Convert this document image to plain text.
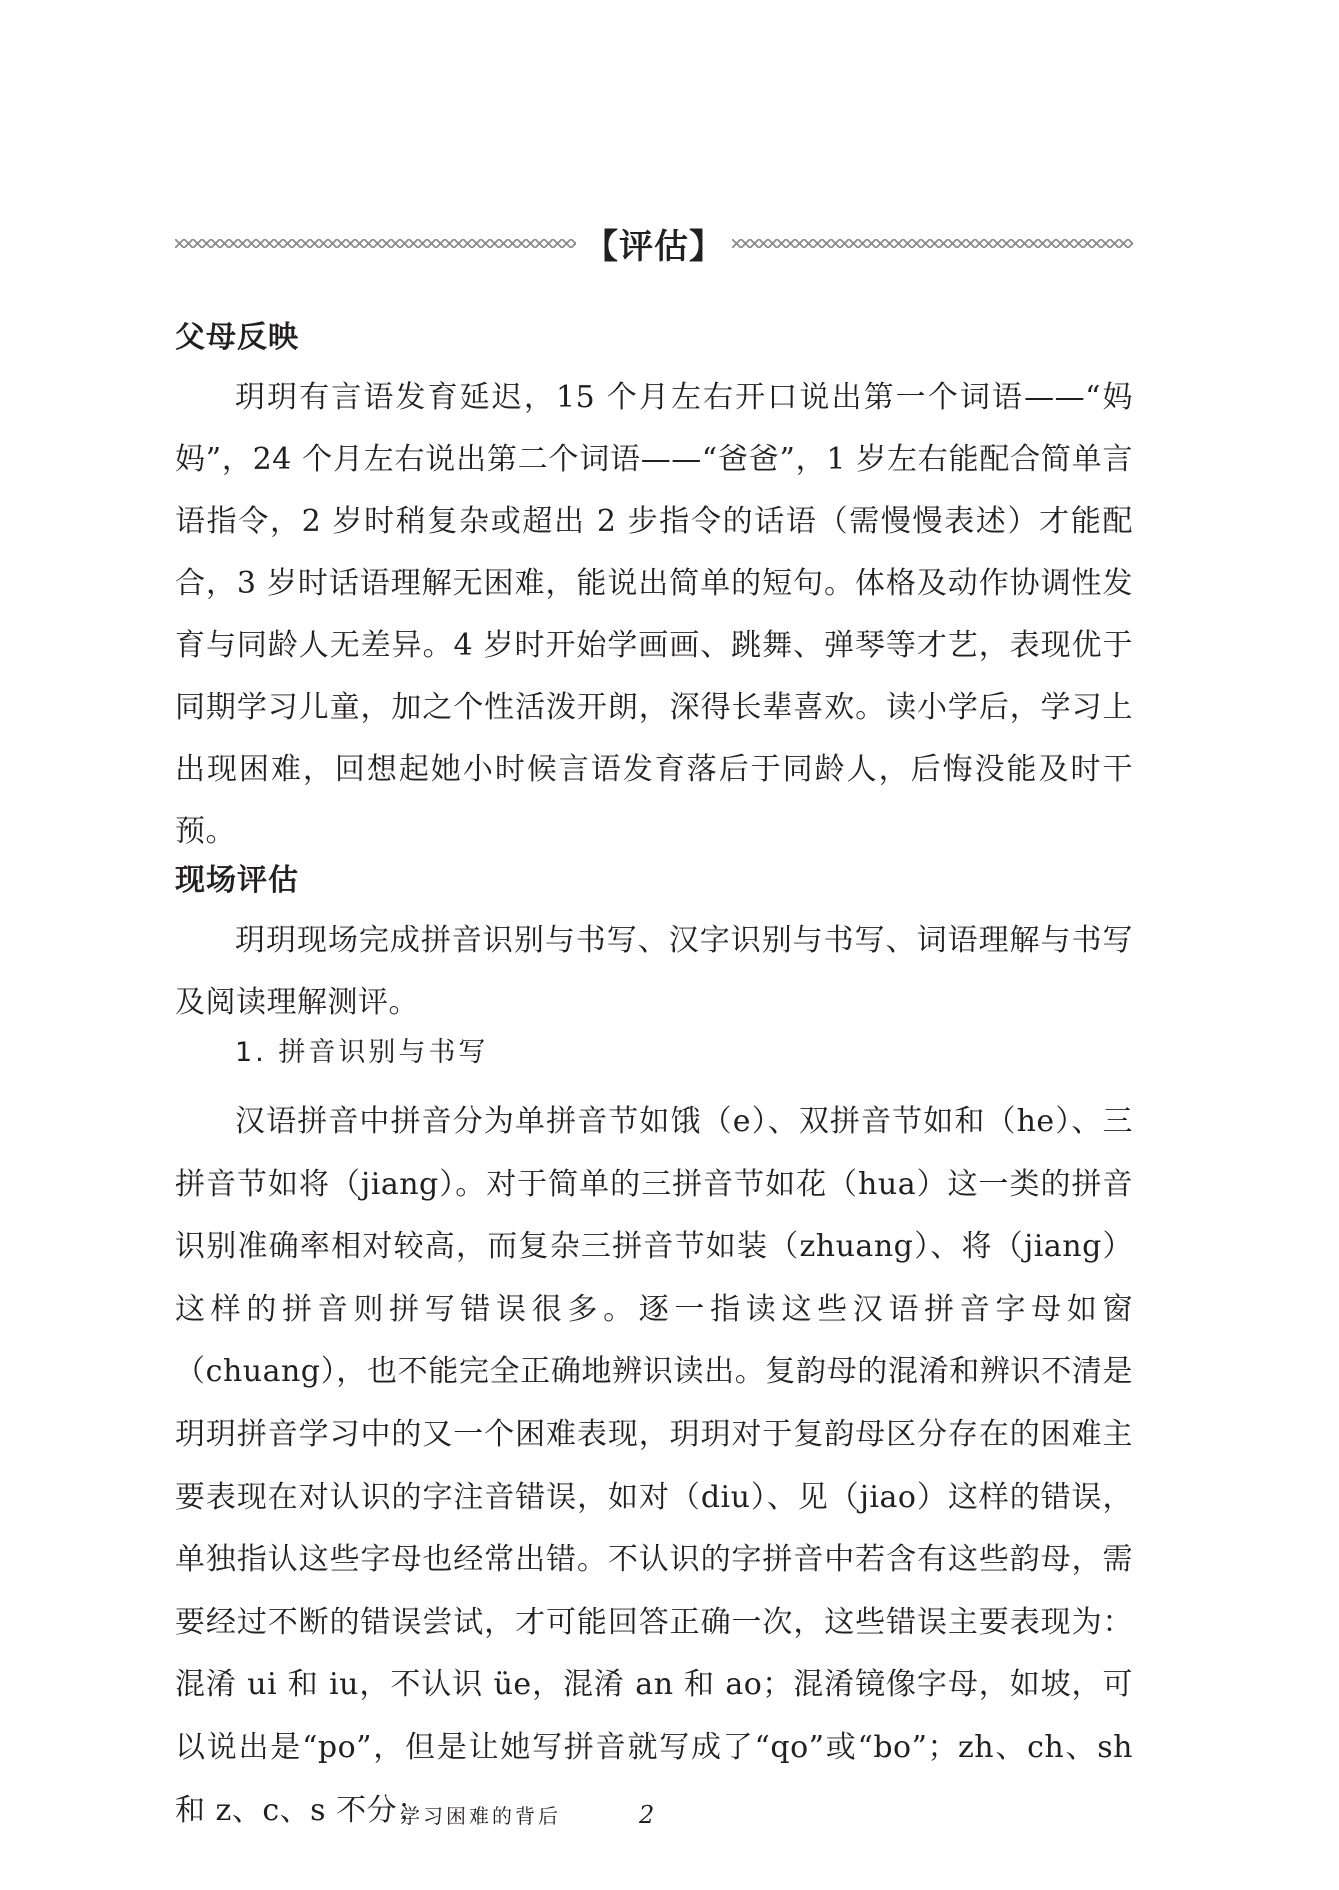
【评估】
父母反映
玥玥有言语发育延迟，15 个月左右开口说出第一个词语——“妈妈”，24 个月左右说出第二个词语——“爸爸”，1 岁左右能配合简单言语指令，2 岁时稍复杂或超出 2 步指令的话语（需慢慢表述）才能配合，3 岁时话语理解无困难，能说出简单的短句。体格及动作协调性发育与同龄人无差异。4 岁时开始学画画、跳舞、弹琴等才艺，表现优于同期学习儿童，加之个性活泼开朗，深得长辈喜欢。读小学后，学习上出现困难，回想起她小时候言语发育落后于同龄人，后悔没能及时干预。
现场评估
玥玥现场完成拼音识别与书写、汉字识别与书写、词语理解与书写及阅读理解测评。
1. 拼音识别与书写
汉语拼音中拼音分为单拼音节如饿（e）、双拼音节如和（he）、三拼音节如将（jiang）。对于简单的三拼音节如花（hua）这一类的拼音识别准确率相对较高，而复杂三拼音节如装（zhuang）、将（jiang）这样的拼音则拼写错误很多。逐一指读这些汉语拼音字母如窗（chuang），也不能完全正确地辨识读出。复韵母的混淆和辨识不清是玥玥拼音学习中的又一个困难表现，玥玥对于复韵母区分存在的困难主要表现在对认识的字注音错误，如对（diu）、见（jiao）这样的错误，单独指认这些字母也经常出错。不认识的字拼音中若含有这些韵母，需要经过不断的错误尝试，才可能回答正确一次，这些错误主要表现为：混淆 ui 和 iu，不认识 üe，混淆 an 和 ao；混淆镜像字母，如坡，可以说出是“po”，但是让她写拼音就写成了“qo”或“bo”；zh、ch、sh 和 z、c、s 不分；
学习困难的背后	2
